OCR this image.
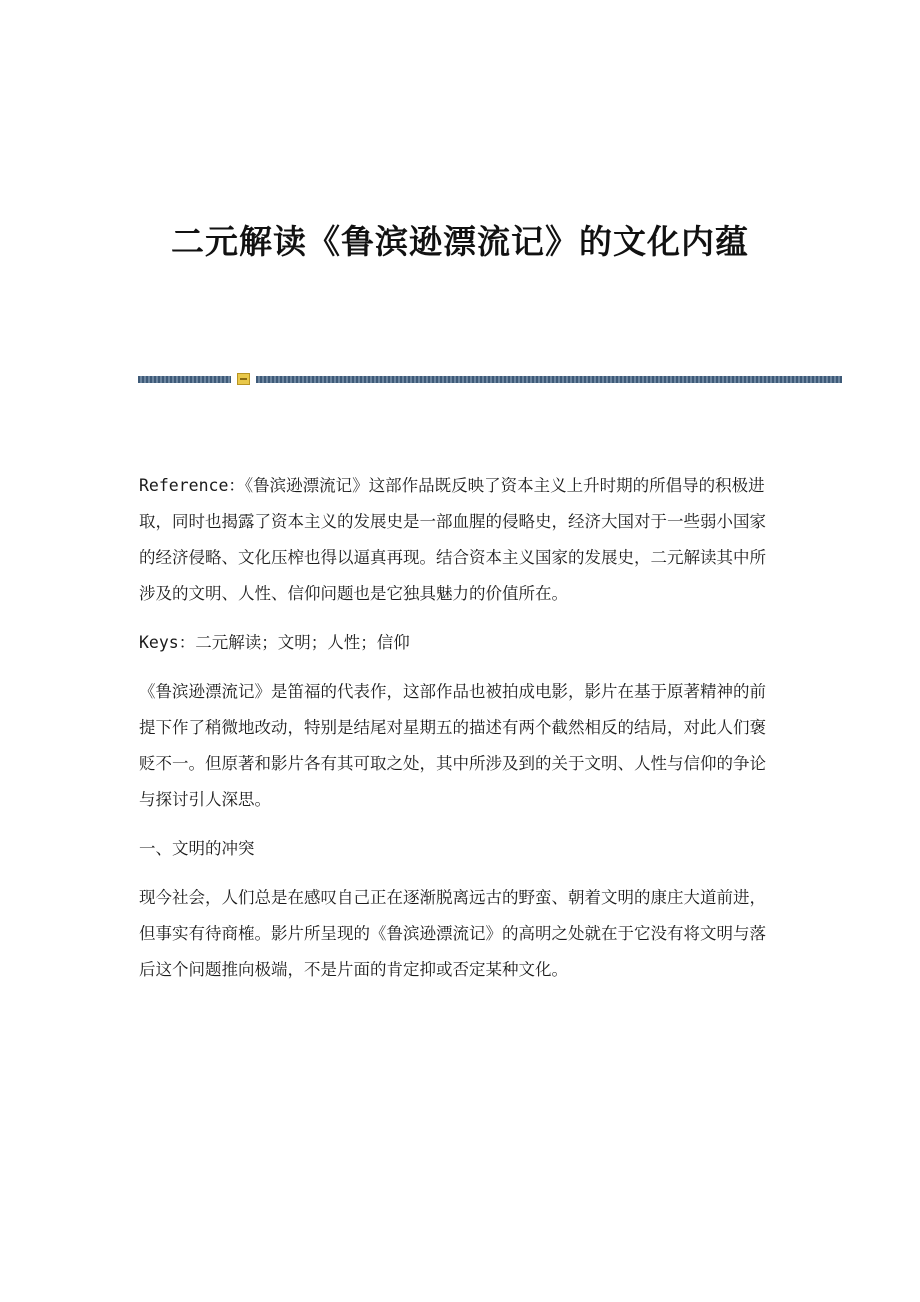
二元解读《鲁滨逊漂流记》的文化内蕴

Reference：《鲁滨逊漂流记》这部作品既反映了资本主义上升时期的所倡导的积极进取，同时也揭露了资本主义的发展史是一部血腥的侵略史，经济大国对于一些弱小国家的经济侵略、文化压榨也得以逼真再现。结合资本主义国家的发展史，二元解读其中所涉及的文明、人性、信仰问题也是它独具魅力的价值所在。

Keys：二元解读；文明；人性；信仰

《鲁滨逊漂流记》是笛福的代表作，这部作品也被拍成电影，影片在基于原著精神的前提下作了稍微地改动，特别是结尾对星期五的描述有两个截然相反的结局，对此人们褒贬不一。但原著和影片各有其可取之处，其中所涉及到的关于文明、人性与信仰的争论与探讨引人深思。

一、文明的冲突

现今社会，人们总是在感叹自己正在逐渐脱离远古的野蛮、朝着文明的康庄大道前进，但事实有待商榷。影片所呈现的《鲁滨逊漂流记》的高明之处就在于它没有将文明与落后这个问题推向极端，不是片面的肯定抑或否定某种文化。
